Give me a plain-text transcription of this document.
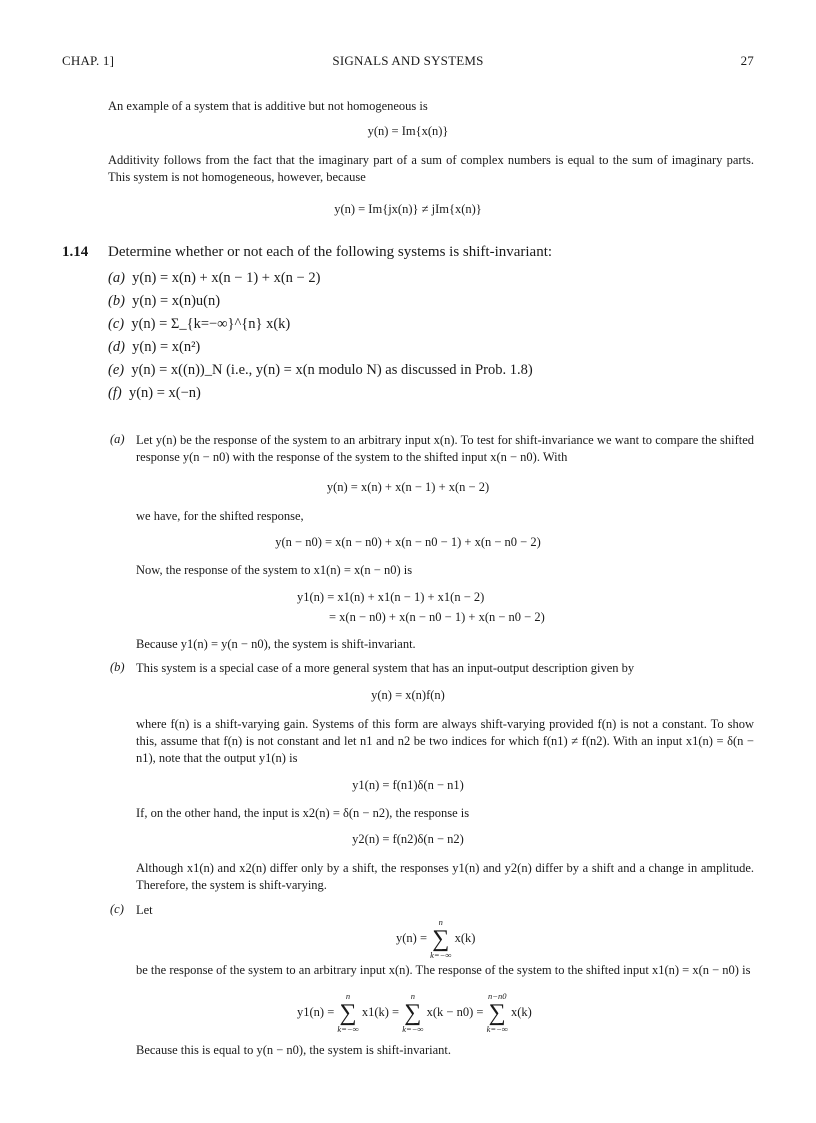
CHAP. 1]	SIGNALS AND SYSTEMS	27
An example of a system that is additive but not homogeneous is
y(n) = Im{x(n)}
Additivity follows from the fact that the imaginary part of a sum of complex numbers is equal to the sum of imaginary parts. This system is not homogeneous, however, because
y(n) = Im{jx(n)} ≠ jIm{x(n)}
1.14 Determine whether or not each of the following systems is shift-invariant:
(a) y(n) = x(n) + x(n − 1) + x(n − 2)
(b) y(n) = x(n)u(n)
(c) y(n) = Σ_{k=−∞}^{n} x(k)
(d) y(n) = x(n²)
(e) y(n) = x((n))_N (i.e., y(n) = x(n modulo N) as discussed in Prob. 1.8)
(f) y(n) = x(−n)
(a) Let y(n) be the response of the system to an arbitrary input x(n). To test for shift-invariance we want to compare the shifted response y(n − n0) with the response of the system to the shifted input x(n − n0). With
y(n) = x(n) + x(n − 1) + x(n − 2)
we have, for the shifted response,
y(n − n0) = x(n − n0) + x(n − n0 − 1) + x(n − n0 − 2)
Now, the response of the system to x1(n) = x(n − n0) is
y1(n) = x1(n) + x1(n − 1) + x1(n − 2)
= x(n − n0) + x(n − n0 − 1) + x(n − n0 − 2)
Because y1(n) = y(n − n0), the system is shift-invariant.
(b) This system is a special case of a more general system that has an input-output description given by
y(n) = x(n)f(n)
where f(n) is a shift-varying gain. Systems of this form are always shift-varying provided f(n) is not a constant. To show this, assume that f(n) is not constant and let n1 and n2 be two indices for which f(n1) ≠ f(n2). With an input x1(n) = δ(n − n1), note that the output y1(n) is
y1(n) = f(n1)δ(n − n1)
If, on the other hand, the input is x2(n) = δ(n − n2), the response is
y2(n) = f(n2)δ(n − n2)
Although x1(n) and x2(n) differ only by a shift, the responses y1(n) and y2(n) differ by a shift and a change in amplitude. Therefore, the system is shift-varying.
(c) Let
y(n) =
n
∑
k=−∞
x(k)
be the response of the system to an arbitrary input x(n). The response of the system to the shifted input x1(n) = x(n − n0) is
y1(n) =
n
∑
k=−∞
x1(k) =
n
∑
k=−∞
x(k − n0) =
n−n0
∑
k=−∞
x(k)
Because this is equal to y(n − n0), the system is shift-invariant.
